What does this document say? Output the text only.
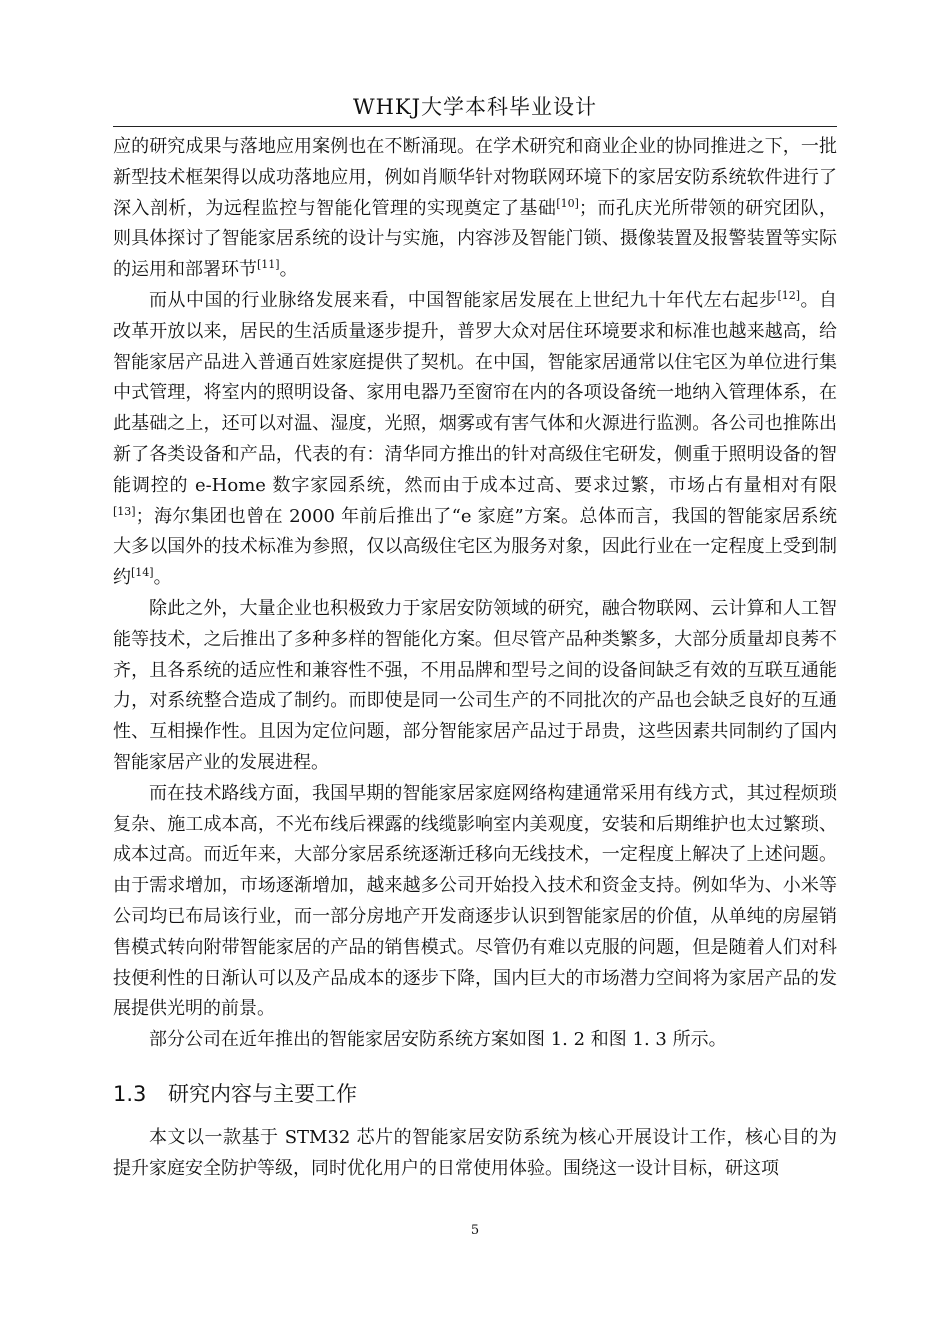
WHKJ大学本科毕业设计

应的研究成果与落地应用案例也在不断涌现。在学术研究和商业企业的协同推进之下，一批新型技术框架得以成功落地应用，例如肖顺华针对物联网环境下的家居安防系统软件进行了深入剖析，为远程监控与智能化管理的实现奠定了基础[10]；而孔庆光所带领的研究团队，则具体探讨了智能家居系统的设计与实施，内容涉及智能门锁、摄像装置及报警装置等实际的运用和部署环节[11]。

而从中国的行业脉络发展来看，中国智能家居发展在上世纪九十年代左右起步[12]。自改革开放以来，居民的生活质量逐步提升，普罗大众对居住环境要求和标准也越来越高，给智能家居产品进入普通百姓家庭提供了契机。在中国，智能家居通常以住宅区为单位进行集中式管理，将室内的照明设备、家用电器乃至窗帘在内的各项设备统一地纳入管理体系，在此基础之上，还可以对温、湿度，光照，烟雾或有害气体和火源进行监测。各公司也推陈出新了各类设备和产品，代表的有：清华同方推出的针对高级住宅研发，侧重于照明设备的智能调控的 e-Home 数字家园系统，然而由于成本过高、要求过繁，市场占有量相对有限[13]；海尔集团也曾在 2000 年前后推出了“e 家庭”方案。总体而言，我国的智能家居系统大多以国外的技术标准为参照，仅以高级住宅区为服务对象，因此行业在一定程度上受到制约[14]。

除此之外，大量企业也积极致力于家居安防领域的研究，融合物联网、云计算和人工智能等技术，之后推出了多种多样的智能化方案。但尽管产品种类繁多，大部分质量却良莠不齐，且各系统的适应性和兼容性不强，不用品牌和型号之间的设备间缺乏有效的互联互通能力，对系统整合造成了制约。而即使是同一公司生产的不同批次的产品也会缺乏良好的互通性、互相操作性。且因为定位问题，部分智能家居产品过于昂贵，这些因素共同制约了国内智能家居产业的发展进程。

而在技术路线方面，我国早期的智能家居家庭网络构建通常采用有线方式，其过程烦琐复杂、施工成本高，不光布线后裸露的线缆影响室内美观度，安装和后期维护也太过繁琐、成本过高。而近年来，大部分家居系统逐渐迁移向无线技术，一定程度上解决了上述问题。由于需求增加，市场逐渐增加，越来越多公司开始投入技术和资金支持。例如华为、小米等公司均已布局该行业，而一部分房地产开发商逐步认识到智能家居的价值，从单纯的房屋销售模式转向附带智能家居的产品的销售模式。尽管仍有难以克服的问题，但是随着人们对科技便利性的日渐认可以及产品成本的逐步下降，国内巨大的市场潜力空间将为家居产品的发展提供光明的前景。

部分公司在近年推出的智能家居安防系统方案如图 1. 2 和图 1. 3 所示。

1.3 研究内容与主要工作

本文以一款基于 STM32 芯片的智能家居安防系统为核心开展设计工作，核心目的为提升家庭安全防护等级，同时优化用户的日常使用体验。围绕这一设计目标，研这项

5
